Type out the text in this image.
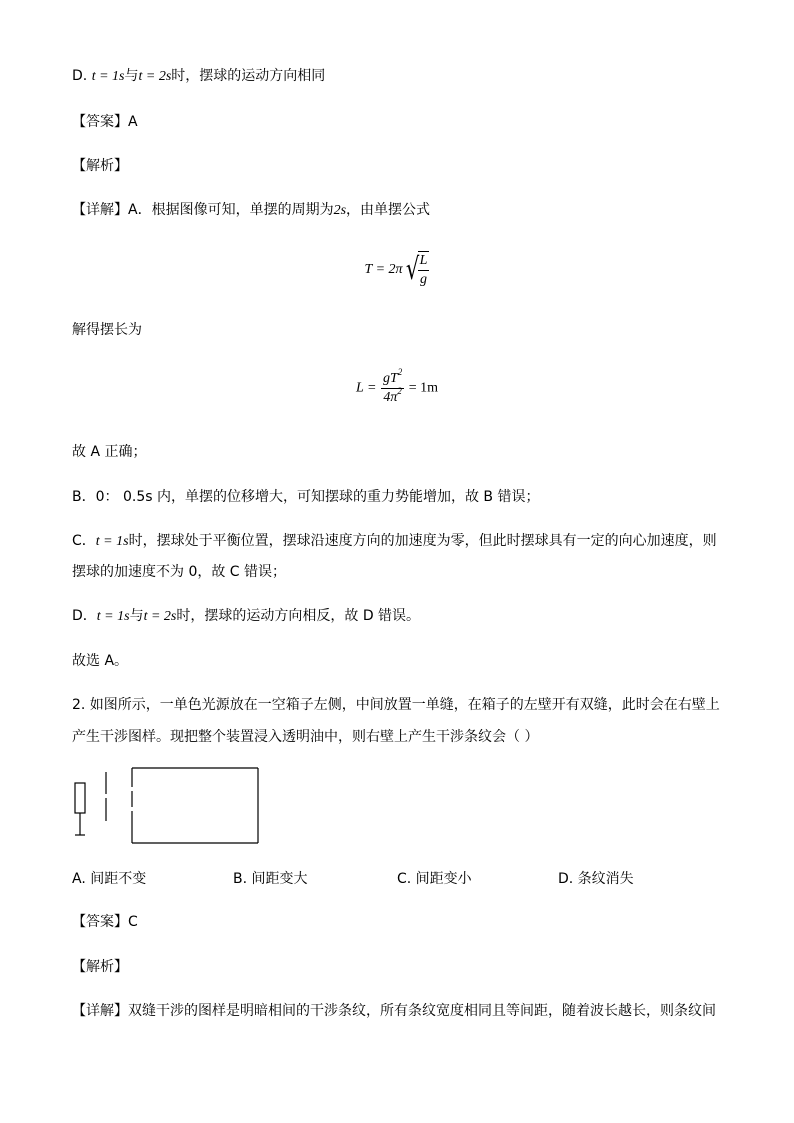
D. t = 1s与t = 2s时，摆球的运动方向相同
【答案】A
【解析】
【详解】A．根据图像可知，单摆的周期为2s，由单摆公式
T = 2π√
$\frac{L}{g}$
解得摆长为
$L = \frac{gT^2}{4\pi^2} = 1m$
故 A 正确；
B．0： 0.5s 内，单摆的位移增大，可知摆球的重力势能增加，故 B 错误；
C．t = 1s时，摆球处于平衡位置，摆球沿速度方向的加速度为零，但此时摆球具有一定的向心加速度，则
摆球的加速度不为 0，故 C 错误；
D．t = 1s与t = 2s时，摆球的运动方向相反，故 D 错误。
故选 A。
2. 如图所示，一单色光源放在一空箱子左侧，中间放置一单缝，在箱子的左壁开有双缝，此时会在右壁上
产生干涉图样。现把整个装置浸入透明油中，则右壁上产生干涉条纹会（ ）
A. 间距不变	B. 间距变大	C. 间距变小	D. 条纹消失
【答案】C
【解析】
【详解】双缝干涉的图样是明暗相间的干涉条纹，所有条纹宽度相同且等间距，随着波长越长，则条纹间
